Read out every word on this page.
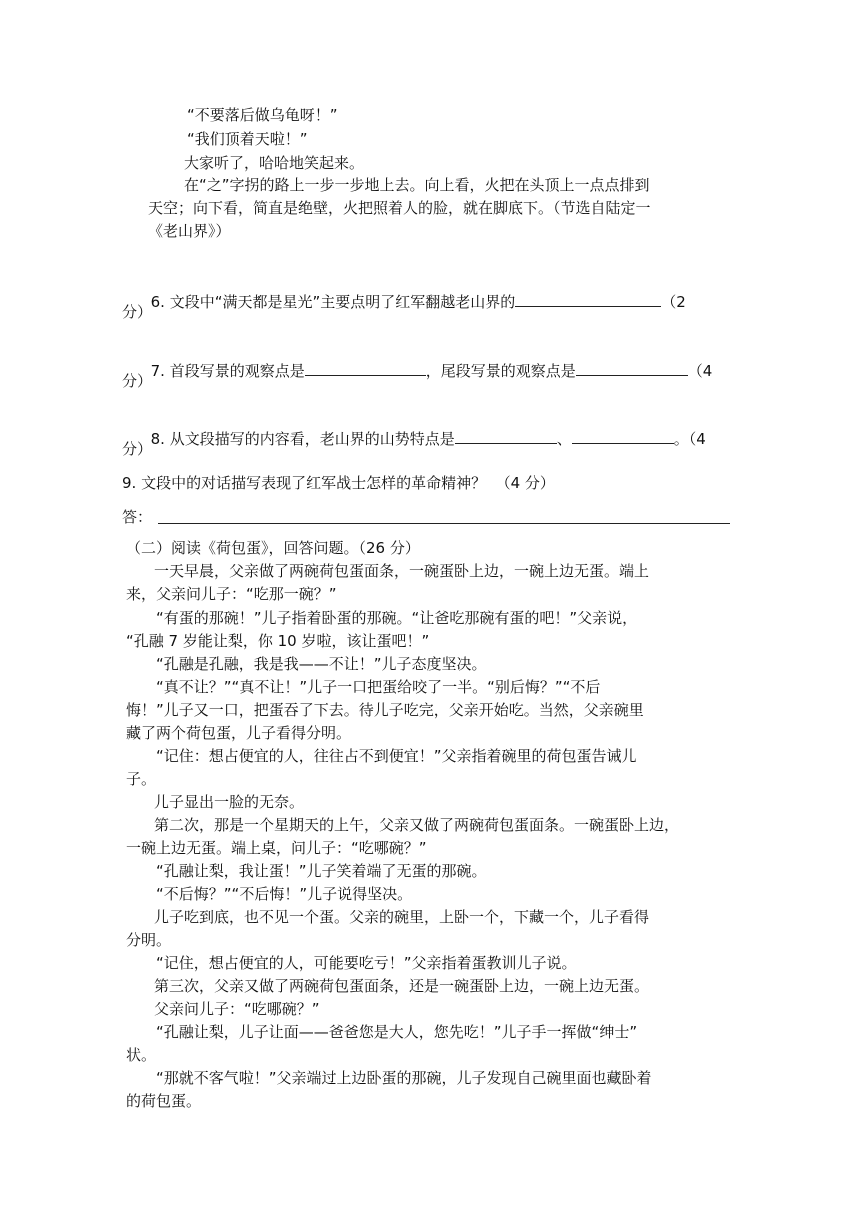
“不要落后做乌龟呀！”
“我们顶着天啦！”
大家听了，哈哈地笑起来。
在“之”字拐的路上一步一步地上去。向上看，火把在头顶上一点点排到
天空；向下看，简直是绝壁，火把照着人的脸，就在脚底下。（节选自陆定一
《老山界》）

6. 文段中“满天都是星光”主要点明了红军翻越老山界的	（2

分）

7. 首段写景的观察点是	，尾段写景的观察点是	（4

分）

8. 从文段描写的内容看，老山界的山势特点是	、	。（4

分）
9. 文段中的对话描写表现了红军战士怎样的革命精神？  （4 分）
答：
（二）阅读《荷包蛋》，回答问题。（26 分）
一天早晨，父亲做了两碗荷包蛋面条，一碗蛋卧上边，一碗上边无蛋。端上
来，父亲问儿子：“吃那一碗？”
“有蛋的那碗！”儿子指着卧蛋的那碗。“让爸吃那碗有蛋的吧！”父亲说，
“孔融 7 岁能让梨，你 10 岁啦，该让蛋吧！”
“孔融是孔融，我是我——不让！”儿子态度坚决。
“真不让？”“真不让！”儿子一口把蛋给咬了一半。“别后悔？”“不后
悔！”儿子又一口，把蛋吞了下去。待儿子吃完，父亲开始吃。当然，父亲碗里
藏了两个荷包蛋，儿子看得分明。
“记住：想占便宜的人，往往占不到便宜！”父亲指着碗里的荷包蛋告诫儿
子。
儿子显出一脸的无奈。
第二次，那是一个星期天的上午，父亲又做了两碗荷包蛋面条。一碗蛋卧上边，
一碗上边无蛋。端上桌，问儿子：“吃哪碗？”
“孔融让梨，我让蛋！”儿子笑着端了无蛋的那碗。
“不后悔？”“不后悔！”儿子说得坚决。
儿子吃到底，也不见一个蛋。父亲的碗里，上卧一个，下藏一个，儿子看得
分明。
“记住，想占便宜的人，可能要吃亏！”父亲指着蛋教训儿子说。
第三次，父亲又做了两碗荷包蛋面条，还是一碗蛋卧上边，一碗上边无蛋。
父亲问儿子：“吃哪碗？”
“孔融让梨，儿子让面——爸爸您是大人，您先吃！”儿子手一挥做“绅士”
状。
“那就不客气啦！”父亲端过上边卧蛋的那碗，儿子发现自己碗里面也藏卧着
的荷包蛋。
